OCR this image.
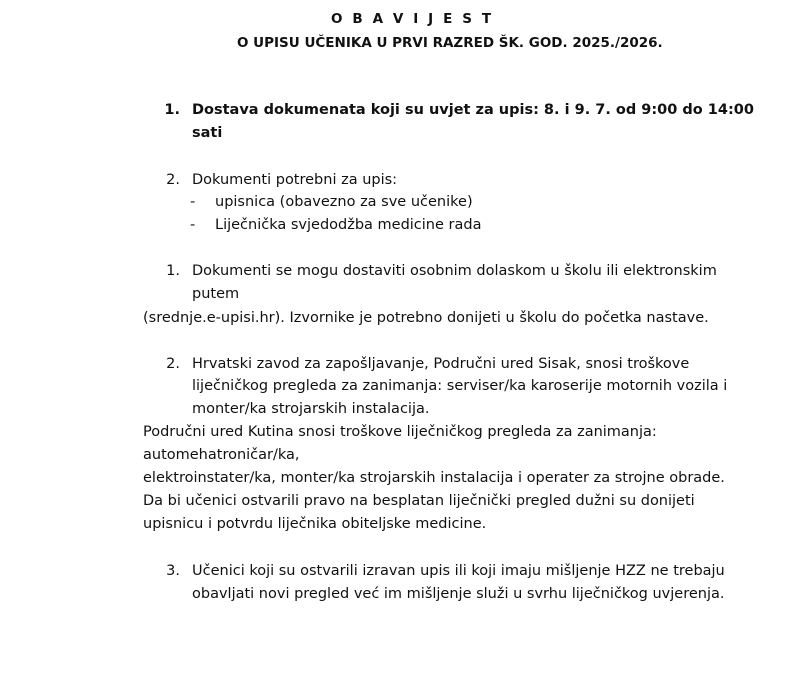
O B A V I J E S T
O UPISU UČENIKA U PRVI RAZRED ŠK. GOD. 2025./2026.
1. Dostava dokumenata koji su uvjet za upis: 8. i 9. 7. od 9:00 do 14:00
sati
2. Dokumenti potrebni za upis:
- upisnica (obavezno za sve učenike)
- Liječnička svjedodžba medicine rada
1. Dokumenti se mogu dostaviti osobnim dolaskom u školu ili elektronskim
putem
(srednje.e-upisi.hr). Izvornike je potrebno donijeti u školu do početka nastave.
2. Hrvatski zavod za zapošljavanje, Područni ured Sisak, snosi troškove
liječničkog pregleda za zanimanja: serviser/ka karoserije motornih vozila i
monter/ka strojarskih instalacija.
Područni ured Kutina snosi troškove liječničkog pregleda za zanimanja:
automehatroničar/ka,
elektroinstater/ka, monter/ka strojarskih instalacija i operater za strojne obrade.
Da bi učenici ostvarili pravo na besplatan liječnički pregled dužni su donijeti
upisnicu i potvrdu liječnika obiteljske medicine.
3. Učenici koji su ostvarili izravan upis ili koji imaju mišljenje HZZ ne trebaju
obavljati novi pregled već im mišljenje služi u svrhu liječničkog uvjerenja.
